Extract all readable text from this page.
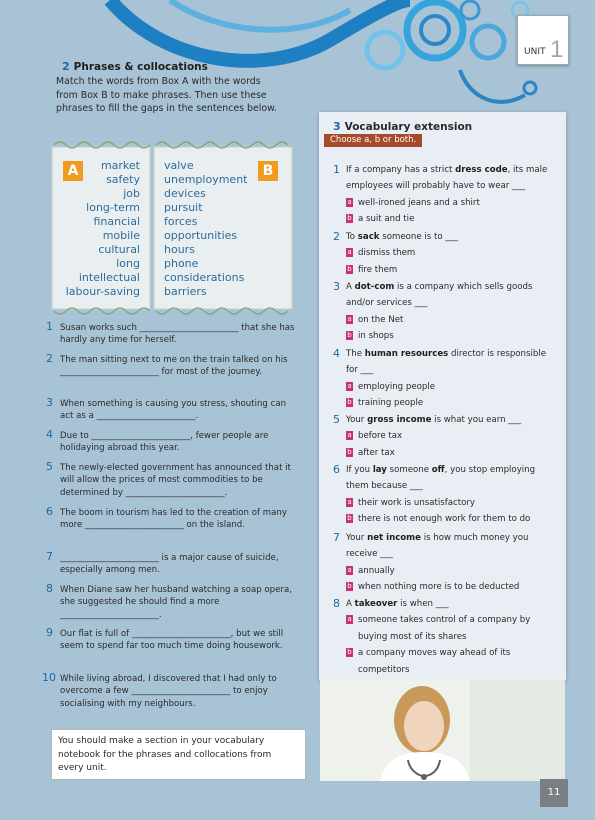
UNIT 1
2 Phrases & collocations
Match the words from Box A with the words from Box B to make phrases. Then use these phrases to fill the gaps in the sentences below.
A	B
market
safety
job
long-term
financial
mobile
cultural
long
intellectual
labour-saving
valve
unemployment
devices
pursuit
forces
opportunities
hours
phone
considerations
barriers
1 Susan works such _______________________ that she has hardly any time for herself.
2 The man sitting next to me on the train talked on his _______________________ for most of the journey.
3 When something is causing you stress, shouting can act as a _______________________.
4 Due to _______________________, fewer people are holidaying abroad this year.
5 The newly-elected government has announced that it will allow the prices of most commodities to be determined by _______________________.
6 The boom in tourism has led to the creation of many more _______________________ on the island.
7 _______________________ is a major cause of suicide, especially among men.
8 When Diane saw her husband watching a soap opera, she suggested he should find a more _______________________.
9 Our flat is full of _______________________, but we still seem to spend far too much time doing housework.
10 While living abroad, I discovered that I had only to overcome a few _______________________ to enjoy socialising with my neighbours.
3 Vocabulary extension
Choose a, b or both.
1 If a company has a strict dress code, its male employees will probably have to wear ___
a well-ironed jeans and a shirt
b a suit and tie
2 To sack someone is to ___
a dismiss them
b fire them
3 A dot-com is a company which sells goods and/or services ___
a on the Net
b in shops
4 The human resources director is responsible for ___
a employing people
b training people
5 Your gross income is what you earn ___
a before tax
b after tax
6 If you lay someone off, you stop employing them because ___
a their work is unsatisfactory
b there is not enough work for them to do
7 Your net income is how much money you receive ___
a annually
b when nothing more is to be deducted
8 A takeover is when ___
a someone takes control of a company by buying most of its shares
b a company moves way ahead of its competitors
You should make a section in your vocabulary notebook for the phrases and collocations from every unit.
11
